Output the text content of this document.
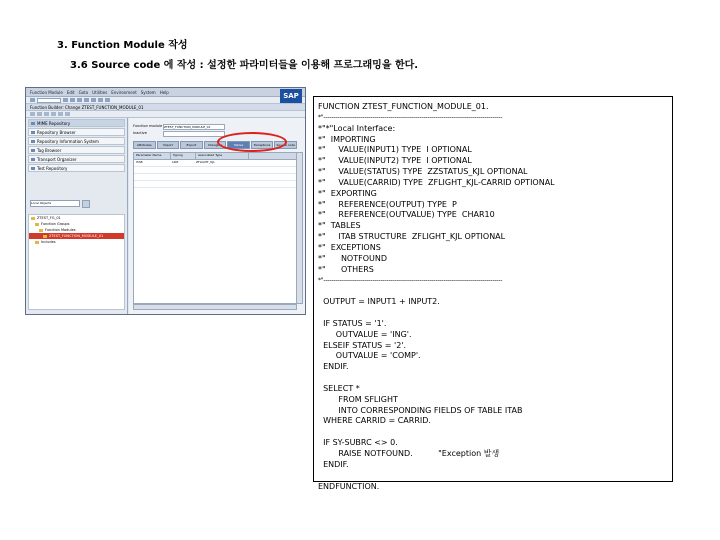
3. Function Module 작성
3.6 Source code 에 작성 : 설정한 파라미터들을 이용해 프로그래밍을 한다.
Function Module Edit Goto Utilities Environment System Help	SAP
Function Builder: Change ZTEST_FUNCTION_MODULE_01
MIME Repository
Repository Browser
Repository Information System
Tag Browser
Transport Organizer
Test Repository
Local Objects
ZTEST_FG_01
Function Groups
Function Modules
ZTEST_FUNCTION_MODULE_01
Includes
Function module ZTEST_FUNCTION_MODULE_01
Inactive
Attributes	Import	Export	Changing	Tables	Exceptions	Source code
Parameter Name	Typing	Associated Type
ITAB	LIKE	ZFLIGHT_KJL
FUNCTION ZTEST_FUNCTION_MODULE_01.
*"-------------------------------------------------------------------------------------------
*"*"Local Interface:
*"  IMPORTING
*"     VALUE(INPUT1) TYPE  I OPTIONAL
*"     VALUE(INPUT2) TYPE  I OPTIONAL
*"     VALUE(STATUS) TYPE  ZZSTATUS_KJL OPTIONAL
*"     VALUE(CARRID) TYPE  ZFLIGHT_KJL-CARRID OPTIONAL
*"  EXPORTING
*"     REFERENCE(OUTPUT) TYPE  P
*"     REFERENCE(OUTVALUE) TYPE  CHAR10
*"  TABLES
*"     ITAB STRUCTURE  ZFLIGHT_KJL OPTIONAL
*"  EXCEPTIONS
*"      NOTFOUND
*"      OTHERS
*"-------------------------------------------------------------------------------------------
OUTPUT = INPUT1 + INPUT2.
IF STATUS = '1'.
OUTVALUE = 'ING'.
ELSEIF STATUS = '2'.
OUTVALUE = 'COMP'.
ENDIF.
SELECT *
FROM SFLIGHT
INTO CORRESPONDING FIELDS OF TABLE ITAB
WHERE CARRID = CARRID.
IF SY-SUBRC <> 0.
RAISE NOTFOUND.          "Exception 발생
ENDIF.
ENDFUNCTION.
